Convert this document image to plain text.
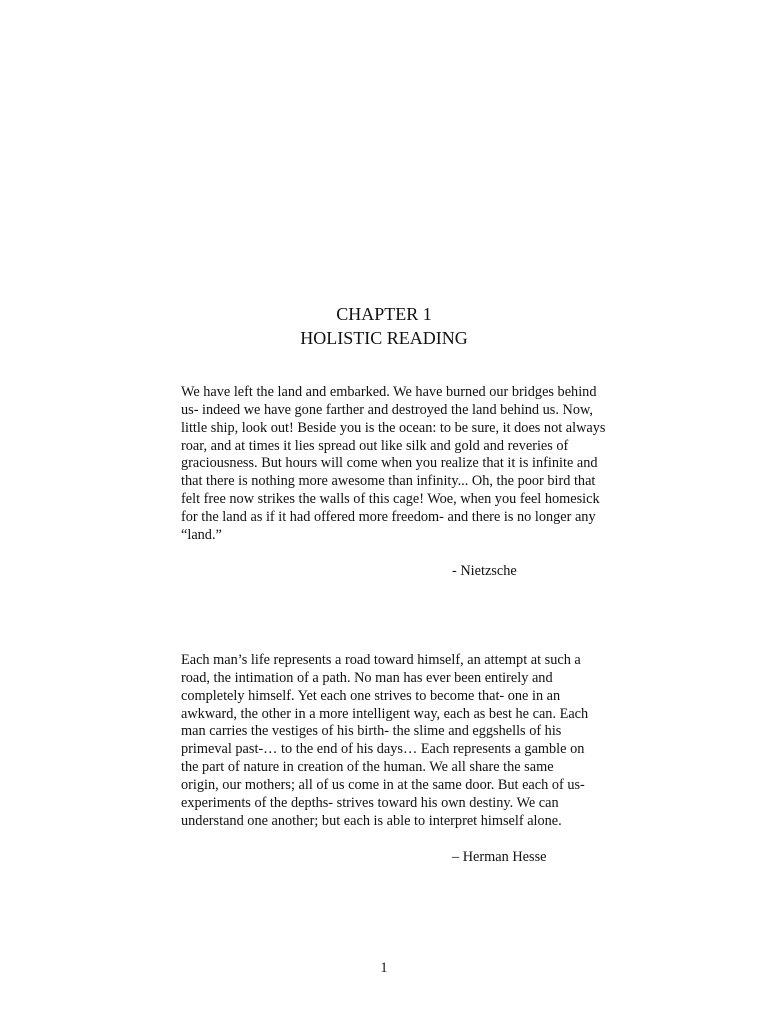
CHAPTER 1
HOLISTIC READING
We have left the land and embarked. We have burned our bridges behind
us- indeed we have gone farther and destroyed the land behind us. Now,
little ship, look out! Beside you is the ocean: to be sure, it does not always
roar, and at times it lies spread out like silk and gold and reveries of
graciousness. But hours will come when you realize that it is infinite and
that there is nothing more awesome than infinity... Oh, the poor bird that
felt free now strikes the walls of this cage! Woe, when you feel homesick
for the land as if it had offered more freedom- and there is no longer any
“land.”
- Nietzsche
Each man’s life represents a road toward himself, an attempt at such a
road, the intimation of a path. No man has ever been entirely and
completely himself. Yet each one strives to become that- one in an
awkward, the other in a more intelligent way, each as best he can. Each
man carries the vestiges of his birth- the slime and eggshells of his
primeval past-… to the end of his days… Each represents a gamble on
the part of nature in creation of the human. We all share the same
origin, our mothers; all of us come in at the same door. But each of us-
experiments of the depths- strives toward his own destiny. We can
understand one another; but each is able to interpret himself alone.
– Herman Hesse
1
